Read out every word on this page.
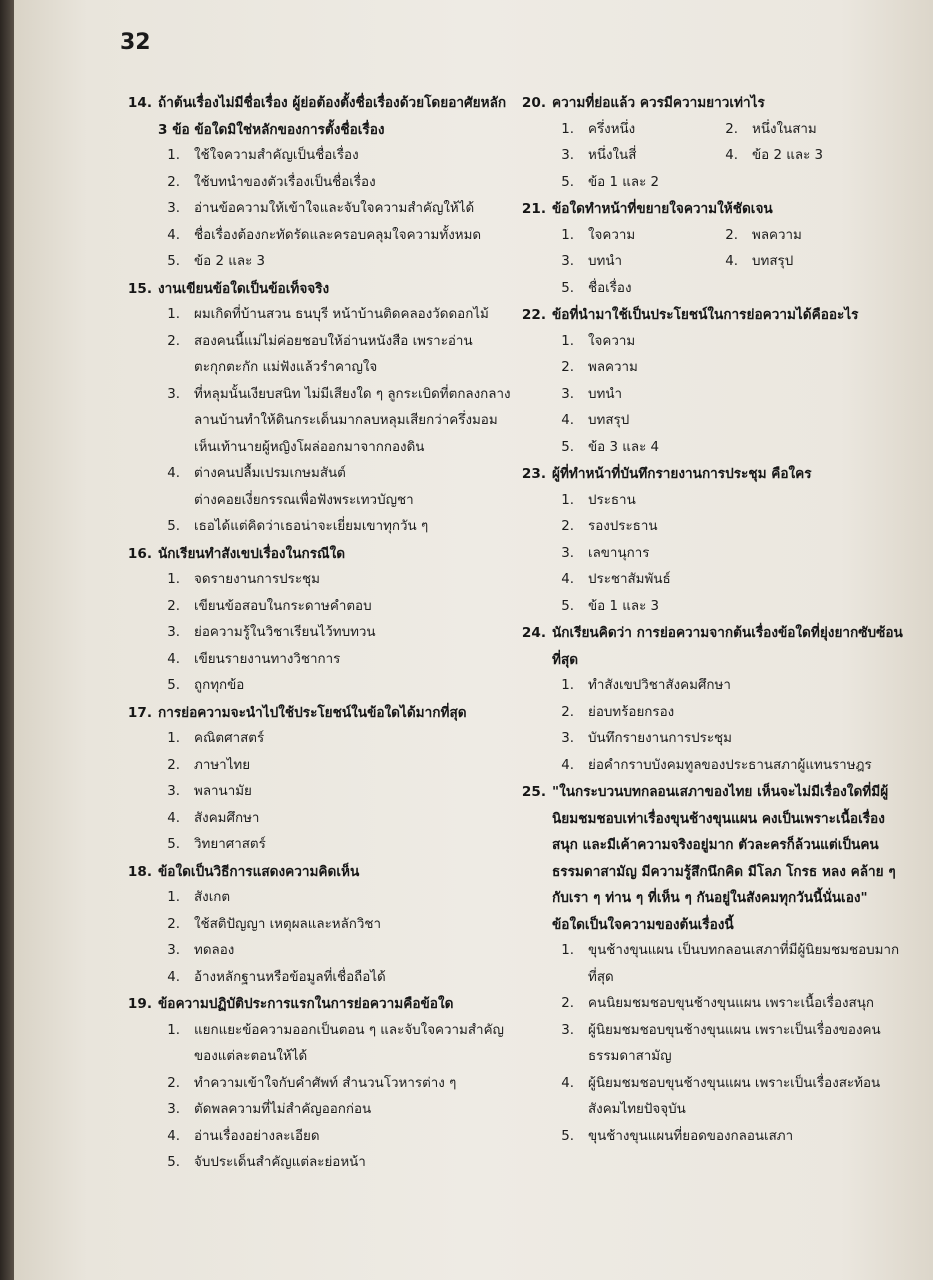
32
14. ถ้าต้นเรื่องไม่มีชื่อเรื่อง ผู้ย่อต้องตั้งชื่อเรื่องด้วยโดยอาศัยหลัก 3 ข้อ ข้อใดมิใช่หลักของการตั้งชื่อเรื่อง
1.	ใช้ใจความสำคัญเป็นชื่อเรื่อง
2.	ใช้บทนำของตัวเรื่องเป็นชื่อเรื่อง
3.	อ่านข้อความให้เข้าใจและจับใจความสำคัญให้ได้
4.	ชื่อเรื่องต้องกะทัดรัดและครอบคลุมใจความทั้งหมด
5.	ข้อ 2 และ 3
15. งานเขียนข้อใดเป็นข้อเท็จจริง
1.	ผมเกิดที่บ้านสวน ธนบุรี หน้าบ้านติดคลองวัดดอกไม้
2.	สองคนนี้แม่ไม่ค่อยชอบให้อ่านหนังสือ เพราะอ่านตะกุกตะกัก แม่ฟังแล้วรำคาญใจ
3.	ที่หลุมนั้นเงียบสนิท ไม่มีเสียงใด ๆ ลูกระเบิดที่ตกลงกลางลานบ้านทำให้ดินกระเด็นมากลบหลุมเสียกว่าครึ่งมอมเห็นเท้านายผู้หญิงโผล่ออกมาจากกองดิน
4.	ต่างคนปลื้มเปรมเกษมสันต์
ต่างคอยเงี่ยกรรณเพื่อฟังพระเทวบัญชา
5.	เธอได้แต่คิดว่าเธอน่าจะเยี่ยมเขาทุกวัน ๆ
16. นักเรียนทำสังเขปเรื่องในกรณีใด
1.	จดรายงานการประชุม
2.	เขียนข้อสอบในกระดาษคำตอบ
3.	ย่อความรู้ในวิชาเรียนไว้ทบทวน
4.	เขียนรายงานทางวิชาการ
5.	ถูกทุกข้อ
17. การย่อความจะนำไปใช้ประโยชน์ในข้อใดได้มากที่สุด
1.	คณิตศาสตร์
2.	ภาษาไทย
3.	พลานามัย
4.	สังคมศึกษา
5.	วิทยาศาสตร์
18. ข้อใดเป็นวิธีการแสดงความคิดเห็น
1.	สังเกต
2.	ใช้สติปัญญา เหตุผลและหลักวิชา
3.	ทดลอง
4.	อ้างหลักฐานหรือข้อมูลที่เชื่อถือได้
19. ข้อความปฏิบัติประการแรกในการย่อความคือข้อใด
1.	แยกแยะข้อความออกเป็นตอน ๆ และจับใจความสำคัญของแต่ละตอนให้ได้
2.	ทำความเข้าใจกับคำศัพท์ สำนวนโวหารต่าง ๆ
3.	ตัดพลความที่ไม่สำคัญออกก่อน
4.	อ่านเรื่องอย่างละเอียด
5.	จับประเด็นสำคัญแต่ละย่อหน้า
20. ความที่ย่อแล้ว ควรมีความยาวเท่าไร
1.	ครึ่งหนึ่ง	2.	หนึ่งในสาม
3.	หนึ่งในสี่	4.	ข้อ 2 และ 3
5.	ข้อ 1 และ 2
21. ข้อใดทำหน้าที่ขยายใจความให้ชัดเจน
1.	ใจความ	2.	พลความ
3.	บทนำ	4.	บทสรุป
5.	ชื่อเรื่อง
22. ข้อที่นำมาใช้เป็นประโยชน์ในการย่อความได้คืออะไร
1.	ใจความ
2.	พลความ
3.	บทนำ
4.	บทสรุป
5.	ข้อ 3 และ 4
23. ผู้ที่ทำหน้าที่บันทึกรายงานการประชุม คือใคร
1.	ประธาน
2.	รองประธาน
3.	เลขานุการ
4.	ประชาสัมพันธ์
5.	ข้อ 1 และ 3
24. นักเรียนคิดว่า การย่อความจากต้นเรื่องข้อใดที่ยุ่งยากซับซ้อนที่สุด
1.	ทำสังเขปวิชาสังคมศึกษา
2.	ย่อบทร้อยกรอง
3.	บันทึกรายงานการประชุม
4.	ย่อคำกราบบังคมทูลของประธานสภาผู้แทนราษฎร
25. "ในกระบวนบทกลอนเสภาของไทย เห็นจะไม่มีเรื่องใดที่มีผู้นิยมชมชอบเท่าเรื่องขุนช้างขุนแผน คงเป็นเพราะเนื้อเรื่องสนุก และมีเค้าความจริงอยู่มาก ตัวละครก็ล้วนแต่เป็นคนธรรมดาสามัญ มีความรู้สึกนึกคิด มีโลภ โกรธ หลง คล้าย ๆกับเรา ๆ ท่าน ๆ ที่เห็น ๆ กันอยู่ในสังคมทุกวันนี้นั่นเอง"
ข้อใดเป็นใจความของต้นเรื่องนี้
1.	ขุนช้างขุนแผน เป็นบทกลอนเสภาที่มีผู้นิยมชมชอบมากที่สุด
2.	คนนิยมชมชอบขุนช้างขุนแผน เพราะเนื้อเรื่องสนุก
3.	ผู้นิยมชมชอบขุนช้างขุนแผน เพราะเป็นเรื่องของคนธรรมดาสามัญ
4.	ผู้นิยมชมชอบขุนช้างขุนแผน เพราะเป็นเรื่องสะท้อนสังคมไทยปัจจุบัน
5.	ขุนช้างขุนแผนที่ยอดของกลอนเสภา
